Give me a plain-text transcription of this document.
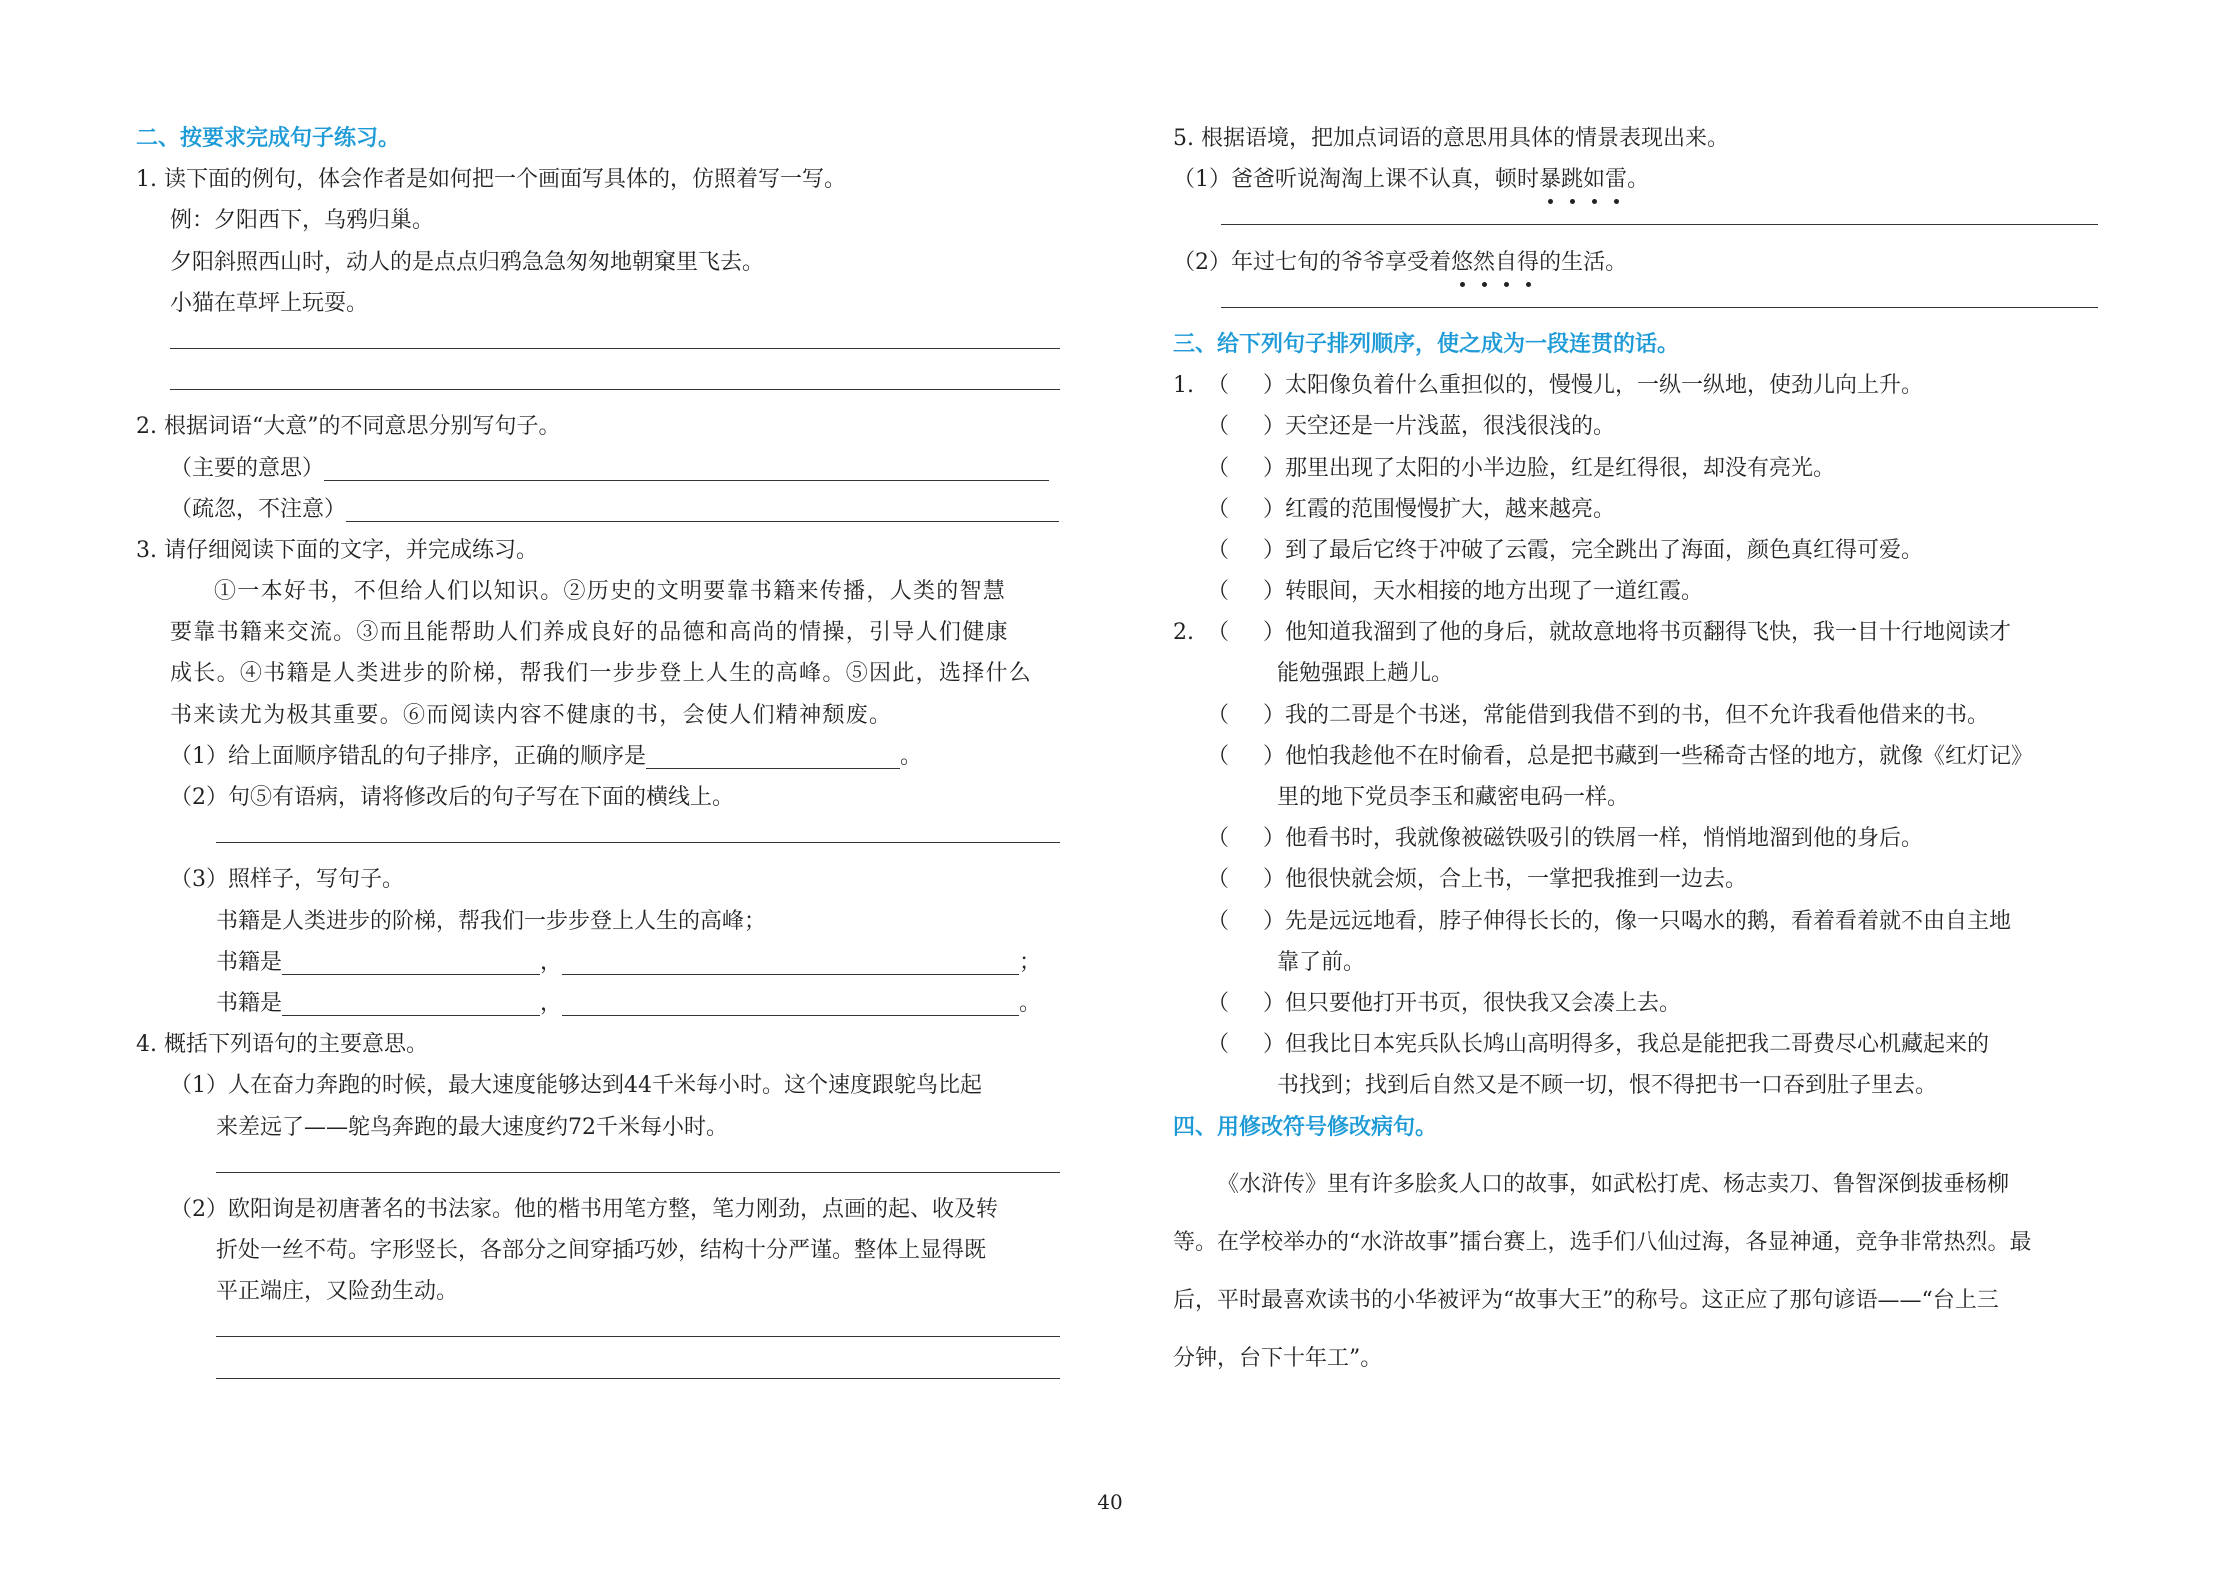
二、按要求完成句子练习。
1. 读下面的例句，体会作者是如何把一个画面写具体的，仿照着写一写。
例：夕阳西下，乌鸦归巢。
夕阳斜照西山时，动人的是点点归鸦急急匆匆地朝窠里飞去。
小猫在草坪上玩耍。
2. 根据词语“大意”的不同意思分别写句子。
（主要的意思）
（疏忽，不注意）
3. 请仔细阅读下面的文字，并完成练习。
①一本好书，不但给人们以知识。②历史的文明要靠书籍来传播，人类的智慧
要靠书籍来交流。③而且能帮助人们养成良好的品德和高尚的情操，引导人们健康
成长。④书籍是人类进步的阶梯，帮我们一步步登上人生的高峰。⑤因此，选择什么
书来读尤为极其重要。⑥而阅读内容不健康的书，会使人们精神颓废。
（1）给上面顺序错乱的句子排序，正确的顺序是	。
（2）句⑤有语病，请将修改后的句子写在下面的横线上。
（3）照样子，写句子。
书籍是人类进步的阶梯，帮我们一步步登上人生的高峰；
书籍是	，	；
书籍是	，	。
4. 概括下列语句的主要意思。
（1）人在奋力奔跑的时候，最大速度能够达到44千米每小时。这个速度跟鸵鸟比起
来差远了——鸵鸟奔跑的最大速度约72千米每小时。
（2）欧阳询是初唐著名的书法家。他的楷书用笔方整，笔力刚劲，点画的起、收及转
折处一丝不苟。字形竖长，各部分之间穿插巧妙，结构十分严谨。整体上显得既
平正端庄，又险劲生动。
5. 根据语境，把加点词语的意思用具体的情景表现出来。
（1）爸爸听说淘淘上课不认真，顿时暴跳如雷。
（2）年过七旬的爷爷享受着悠然自得的生活。
三、给下列句子排列顺序，使之成为一段连贯的话。
1. （ ）太阳像负着什么重担似的，慢慢儿，一纵一纵地，使劲儿向上升。
（ ）天空还是一片浅蓝，很浅很浅的。
（ ）那里出现了太阳的小半边脸，红是红得很，却没有亮光。
（ ）红霞的范围慢慢扩大，越来越亮。
（ ）到了最后它终于冲破了云霞，完全跳出了海面，颜色真红得可爱。
（ ）转眼间，天水相接的地方出现了一道红霞。
2. （ ）他知道我溜到了他的身后，就故意地将书页翻得飞快，我一目十行地阅读才
能勉强跟上趟儿。
（ ）我的二哥是个书迷，常能借到我借不到的书，但不允许我看他借来的书。
（ ）他怕我趁他不在时偷看，总是把书藏到一些稀奇古怪的地方，就像《红灯记》
里的地下党员李玉和藏密电码一样。
（ ）他看书时，我就像被磁铁吸引的铁屑一样，悄悄地溜到他的身后。
（ ）他很快就会烦，合上书，一掌把我推到一边去。
（ ）先是远远地看，脖子伸得长长的，像一只喝水的鹅，看着看着就不由自主地
靠了前。
（ ）但只要他打开书页，很快我又会凑上去。
（ ）但我比日本宪兵队长鸠山高明得多，我总是能把我二哥费尽心机藏起来的
书找到；找到后自然又是不顾一切，恨不得把书一口吞到肚子里去。
四、用修改符号修改病句。
《水浒传》里有许多脍炙人口的故事，如武松打虎、杨志卖刀、鲁智深倒拔垂杨柳
等。在学校举办的“水浒故事”擂台赛上，选手们八仙过海，各显神通，竞争非常热烈。最
后，平时最喜欢读书的小华被评为“故事大王”的称号。这正应了那句谚语——“台上三
分钟，台下十年工”。
40
